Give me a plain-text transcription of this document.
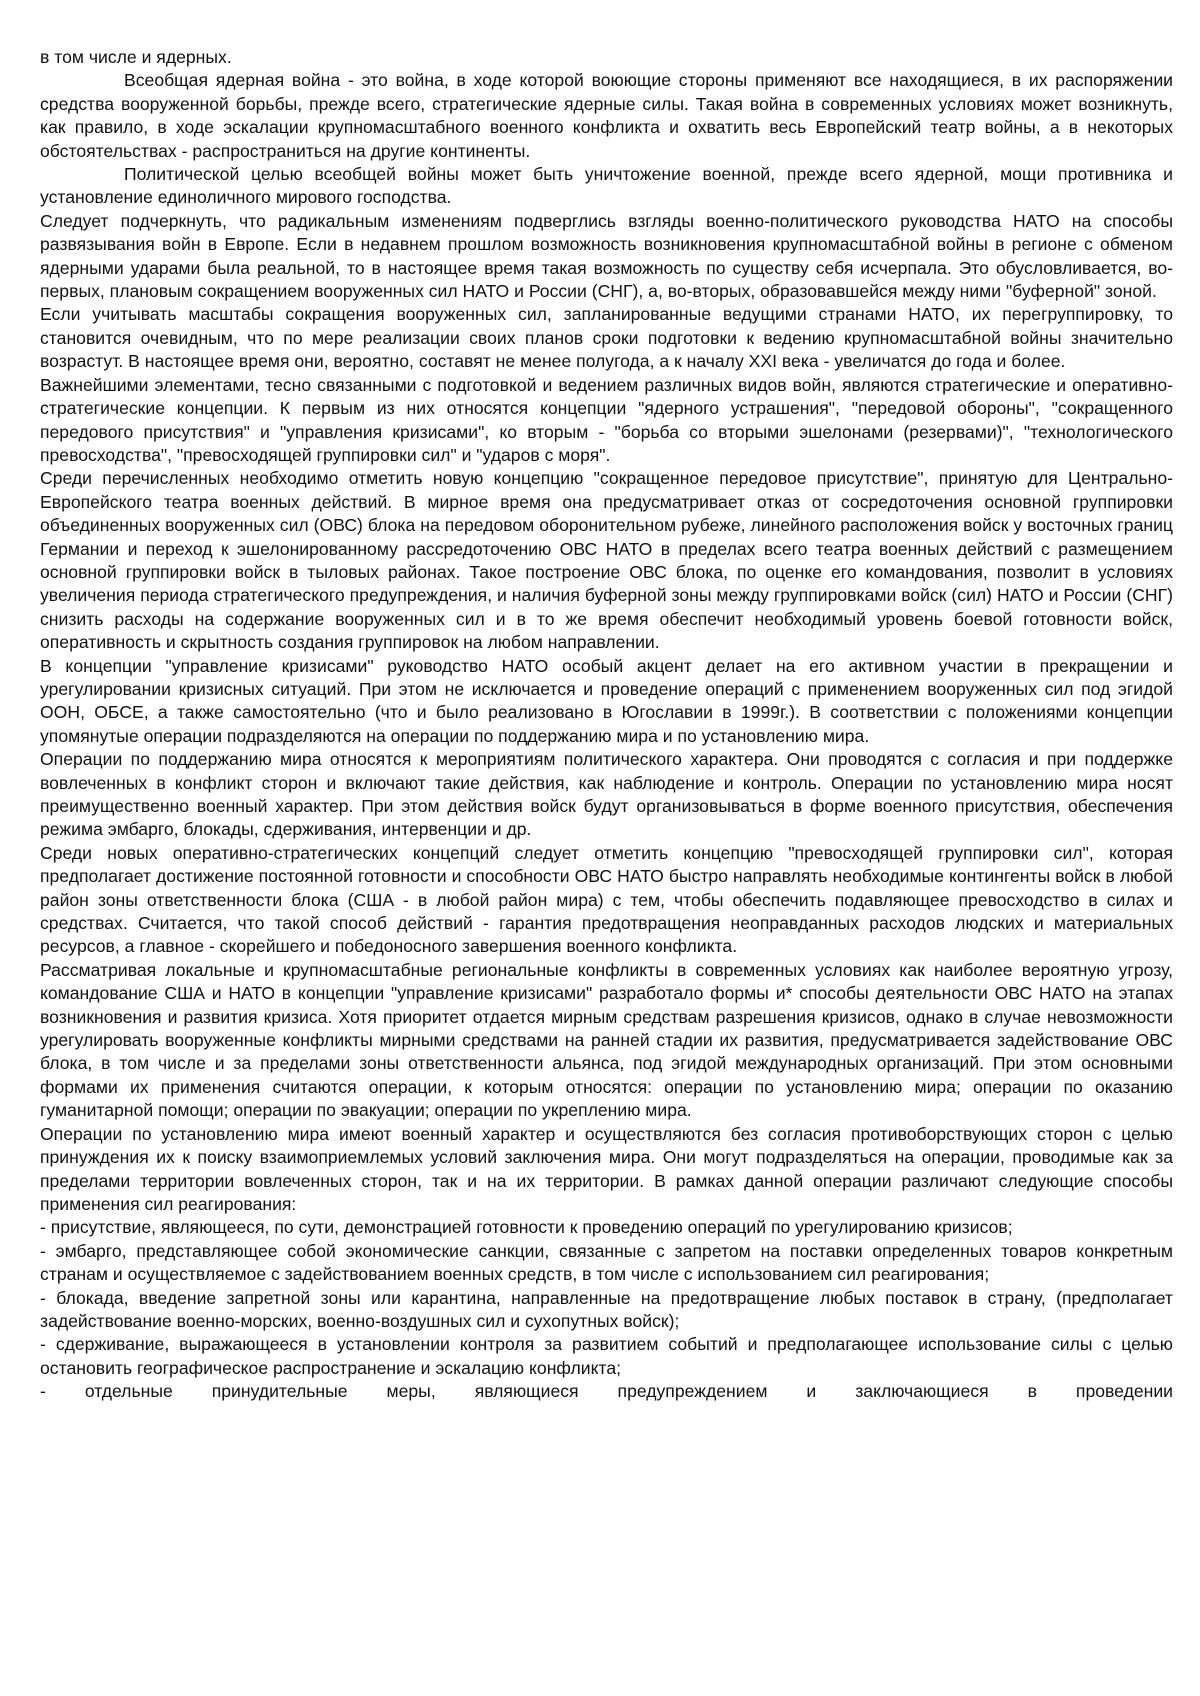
в том числе и ядерных.

Всеобщая ядерная война - это война, в ходе которой воюющие стороны применяют все находящиеся, в их распоряжении средства вооруженной борьбы, прежде всего, стратегические ядерные силы. Такая война в современных условиях может возникнуть, как правило, в ходе эскалации крупномасштабного военного конфликта и охватить весь Европейский театр войны, а в некоторых обстоятельствах - распространиться на другие континенты.

Политической целью всеобщей войны может быть уничтожение военной, прежде всего ядерной, мощи противника и установление единоличного мирового господства.

Следует подчеркнуть, что радикальным изменениям подверглись взгляды военно-политического руководства НАТО на способы развязывания войн в Европе. Если в недавнем прошлом возможность возникновения крупномасштабной войны в регионе с обменом ядерными ударами была реальной, то в настоящее время такая возможность по существу себя исчерпала. Это обусловливается, во-первых, плановым сокращением вооруженных сил НАТО и России (СНГ), а, во-вторых, образовавшейся между ними "буферной" зоной.

Если учитывать масштабы сокращения вооруженных сил, запланированные ведущими странами НАТО, их перегруппировку, то становится очевидным, что по мере реализации своих планов сроки подготовки к ведению крупномасштабной войны значительно возрастут. В настоящее время они, вероятно, составят не менее полугода, а к началу XXI века - увеличатся до года и более.

Важнейшими элементами, тесно связанными с подготовкой и ведением различных видов войн, являются стратегические и оперативно-стратегические концепции. К первым из них относятся концепции "ядерного устрашения", "передовой обороны", "сокращенного передового присутствия" и "управления кризисами", ко вторым - "борьба со вторыми эшелонами (резервами)", "технологического превосходства", "превосходящей группировки сил" и "ударов с моря".

Среди перечисленных необходимо отметить новую концепцию "сокращенное передовое присутствие", принятую для Центрально-Европейского театра военных действий. В мирное время она предусматривает отказ от сосредоточения основной группировки объединенных вооруженных сил (ОВС) блока на передовом оборонительном рубеже, линейного расположения войск у восточных границ Германии и переход к эшелонированному рассредоточению ОВС НАТО в пределах всего театра военных действий с размещением основной группировки войск в тыловых районах. Такое построение ОВС блока, по оценке его командования, позволит в условиях увеличения периода стратегического предупреждения, и наличия буферной зоны между группировками войск (сил) НАТО и России (СНГ) снизить расходы на содержание вооруженных сил и в то же время обеспечит необходимый уровень боевой готовности войск, оперативность и скрытность создания группировок на любом направлении.

В концепции "управление кризисами" руководство НАТО особый акцент делает на его активном участии в прекращении и урегулировании кризисных ситуаций. При этом не исключается и проведение операций с применением вооруженных сил под эгидой ООН, ОБСЕ, а также самостоятельно (что и было реализовано в Югославии в 1999г.). В соответствии с положениями концепции упомянутые операции подразделяются на операции по поддержанию мира и по установлению мира.

Операции по поддержанию мира относятся к мероприятиям политического характера. Они проводятся с согласия и при поддержке вовлеченных в конфликт сторон и включают такие действия, как наблюдение и контроль. Операции по установлению мира носят преимущественно военный характер. При этом действия войск будут организовываться в форме военного присутствия, обеспечения режима эмбарго, блокады, сдерживания, интервенции и др.

Среди новых оперативно-стратегических концепций следует отметить концепцию "превосходящей группировки сил", которая предполагает достижение постоянной готовности и способности ОВС НАТО быстро направлять необходимые контингенты войск в любой район зоны ответственности блока (США - в любой район мира) с тем, чтобы обеспечить подавляющее превосходство в силах и средствах. Считается, что такой способ действий - гарантия предотвращения неоправданных расходов людских и материальных ресурсов, а главное - скорейшего и победоносного завершения военного конфликта.

Рассматривая локальные и крупномасштабные региональные конфликты в современных условиях как наиболее вероятную угрозу, командование США и НАТО в концепции "управление кризисами" разработало формы и* способы деятельности ОВС НАТО на этапах возникновения и развития кризиса. Хотя приоритет отдается мирным средствам разрешения кризисов, однако в случае невозможности урегулировать вооруженные конфликты мирными средствами на ранней стадии их развития, предусматривается задействование ОВС блока, в том числе и за пределами зоны ответственности альянса, под эгидой международных организаций. При этом основными формами их применения считаются операции, к которым относятся: операции по установлению мира; операции по оказанию гуманитарной помощи; операции по эвакуации; операции по укреплению мира.

Операции по установлению мира имеют военный характер и осуществляются без согласия противоборствующих сторон с целью принуждения их к поиску взаимоприемлемых условий заключения мира. Они могут подразделяться на операции, проводимые как за пределами территории вовлеченных сторон, так и на их территории. В рамках данной операции различают следующие способы применения сил реагирования:

- присутствие, являющееся, по сути, демонстрацией готовности к проведению операций по урегулированию кризисов;

- эмбарго, представляющее собой экономические санкции, связанные с запретом на поставки определенных товаров конкретным странам и осуществляемое с задействованием военных средств, в том числе с использованием сил реагирования;

- блокада, введение запретной зоны или карантина, направленные на предотвращение любых поставок в страну, (предполагает задействование военно-морских, военно-воздушных сил и сухопутных войск);

- сдерживание, выражающееся в установлении контроля за развитием событий и предполагающее использование силы с целью остановить географическое распространение и эскалацию конфликта;

- отдельные принудительные меры, являющиеся предупреждением и заключающиеся в проведении
